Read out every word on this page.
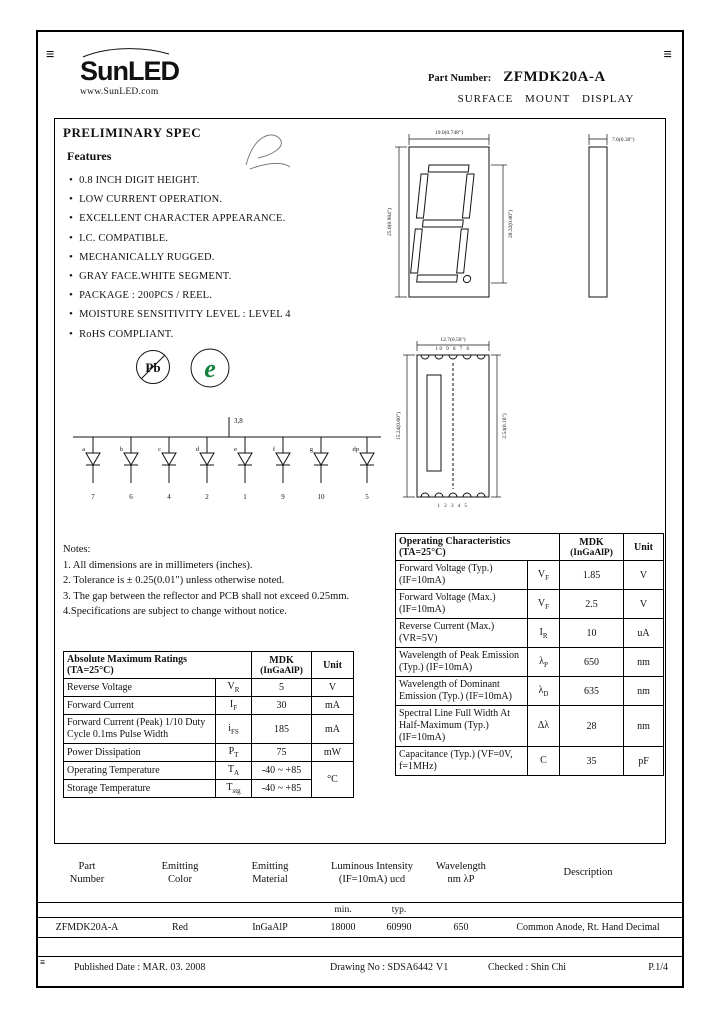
≡	≡
≡
SunLED
www.SunLED.com
Part Number: ZFMDK20A-A
SURFACE MOUNT DISPLAY
PRELIMINARY SPEC
Features
• 0.8 INCH DIGIT HEIGHT.
• LOW CURRENT OPERATION.
• EXCELLENT CHARACTER APPEARANCE.
• I.C. COMPATIBLE.
• MECHANICALLY RUGGED.
• GRAY FACE.WHITE SEGMENT.
• PACKAGE : 200PCS / REEL.
• MOISTURE SENSITIVITY LEVEL : LEVEL 4
• RoHS COMPLIANT.
Pb e
19.0(0.748")
25.0(0.984")	20.32(0.80")
7.6(0.30")
10 9 8 7 6
1 2 3 4 5
12.7(0.50")
15.24(0.60")	2.54(0.10")
3,8
a
7
b
6
c
4
d
2
e
1
f
9
g
10
dp
5
Notes:
1. All dimensions are in millimeters (inches).
2. Tolerance is ± 0.25(0.01") unless otherwise noted.
3. The gap between the reflector and PCB shall not exceed 0.25mm.
4.Specifications are subject to change without notice.
Absolute Maximum Ratings
(TA=25°C)		MDK
(InGaAlP)	Unit
Reverse Voltage	$V_R$	5	V
Forward Current	$I_F$	30	mA
Forward Current (Peak) 1/10 Duty Cycle 0.1ms Pulse Width	$i_{FS}$	185	mA
Power Dissipation	$P_T$	75	mW
Operating Temperature	$T_A$	-40 ~ +85	°C
Storage Temperature	$T_{stg}$	-40 ~ +85	
Operating Characteristics
(TA=25°C)		MDK
(InGaAlP)	Unit
Forward Voltage (Typ.) (IF=10mA)	$V_F$	1.85	V
Forward Voltage (Max.) (IF=10mA)	$V_F$	2.5	V
Reverse Current (Max.) (VR=5V)	$I_R$	10	uA
Wavelength of Peak Emission (Typ.) (IF=10mA)	$\lambda_P$	650	nm
Wavelength of Dominant Emission (Typ.) (IF=10mA)	$\lambda_D$	635	nm
Spectral Line Full Width At Half-Maximum (Typ.) (IF=10mA)	Δλ	28	nm
Capacitance (Typ.) (VF=0V, f=1MHz)	C	35	pF
Part Number	Emitting Color	Emitting Material	Luminous Intensity (IF=10mA) ucd		Wavelength nm λP	Description
			min.	typ.		
ZFMDK20A-A	Red	InGaAlP	18000	60990	650	Common Anode, Rt. Hand Decimal
Published Date : MAR. 03. 2008	Drawing No : SDSA6442 V1	Checked : Shin Chi	P.1/4
